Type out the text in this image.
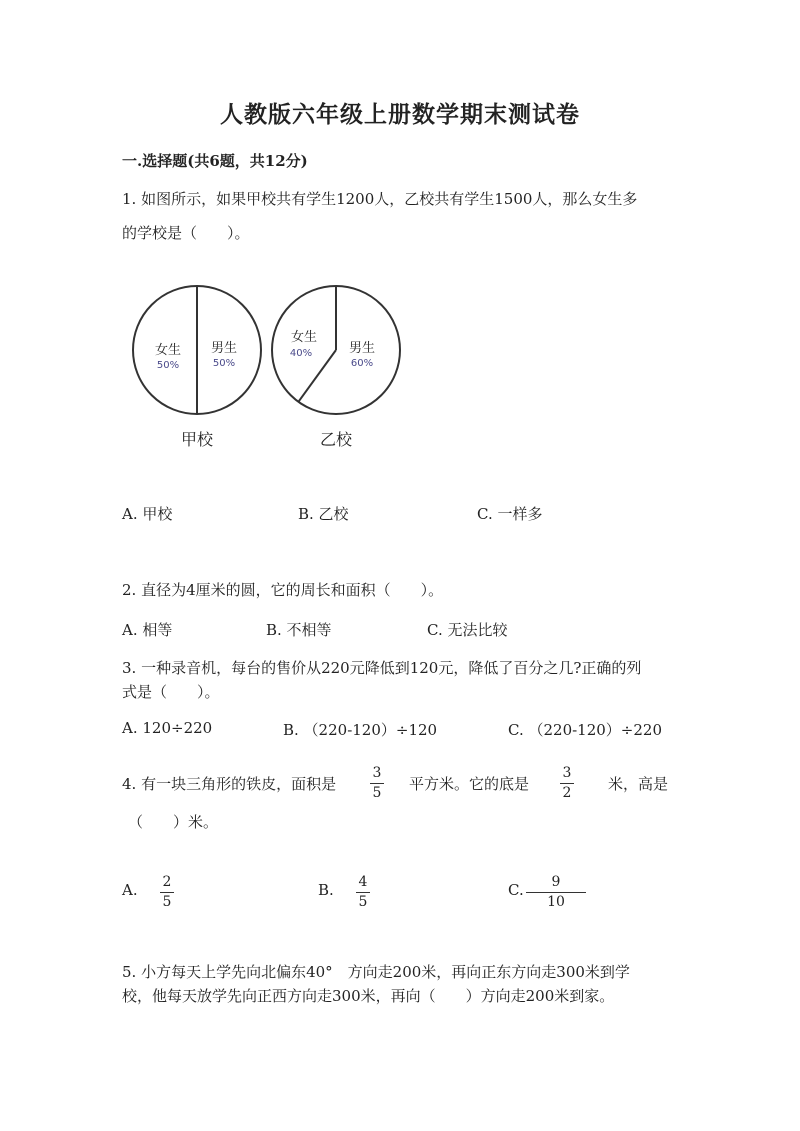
人教版六年级上册数学期末测试卷
一.选择题(共6题，共12分)
1. 如图所示，如果甲校共有学生1200人，乙校共有学生1500人，那么女生多
的学校是（　　）。
女生
50%
男生
50%
甲校
女生
40%	男生
60%
乙校
A. 甲校	B. 乙校	C. 一样多
2. 直径为4厘米的圆，它的周长和面积（　　）。
A. 相等	B. 不相等	C. 无法比较
3. 一种录音机，每台的售价从220元降低到120元，降低了百分之几?正确的列
式是（　　）。
A. 120÷220	B. （220-120）÷120	C. （220-120）÷220
4. 有一块三角形的铁皮，面积是
3
5 平方米。它的底是
3
2 米，高是
（　　）米。
A. 2
5
B. 4
5
C. 9
10
5. 小方每天上学先向北偏东40°　方向走200米，再向正东方向走300米到学
校，他每天放学先向正西方向走300米，再向（　　）方向走200米到家。
